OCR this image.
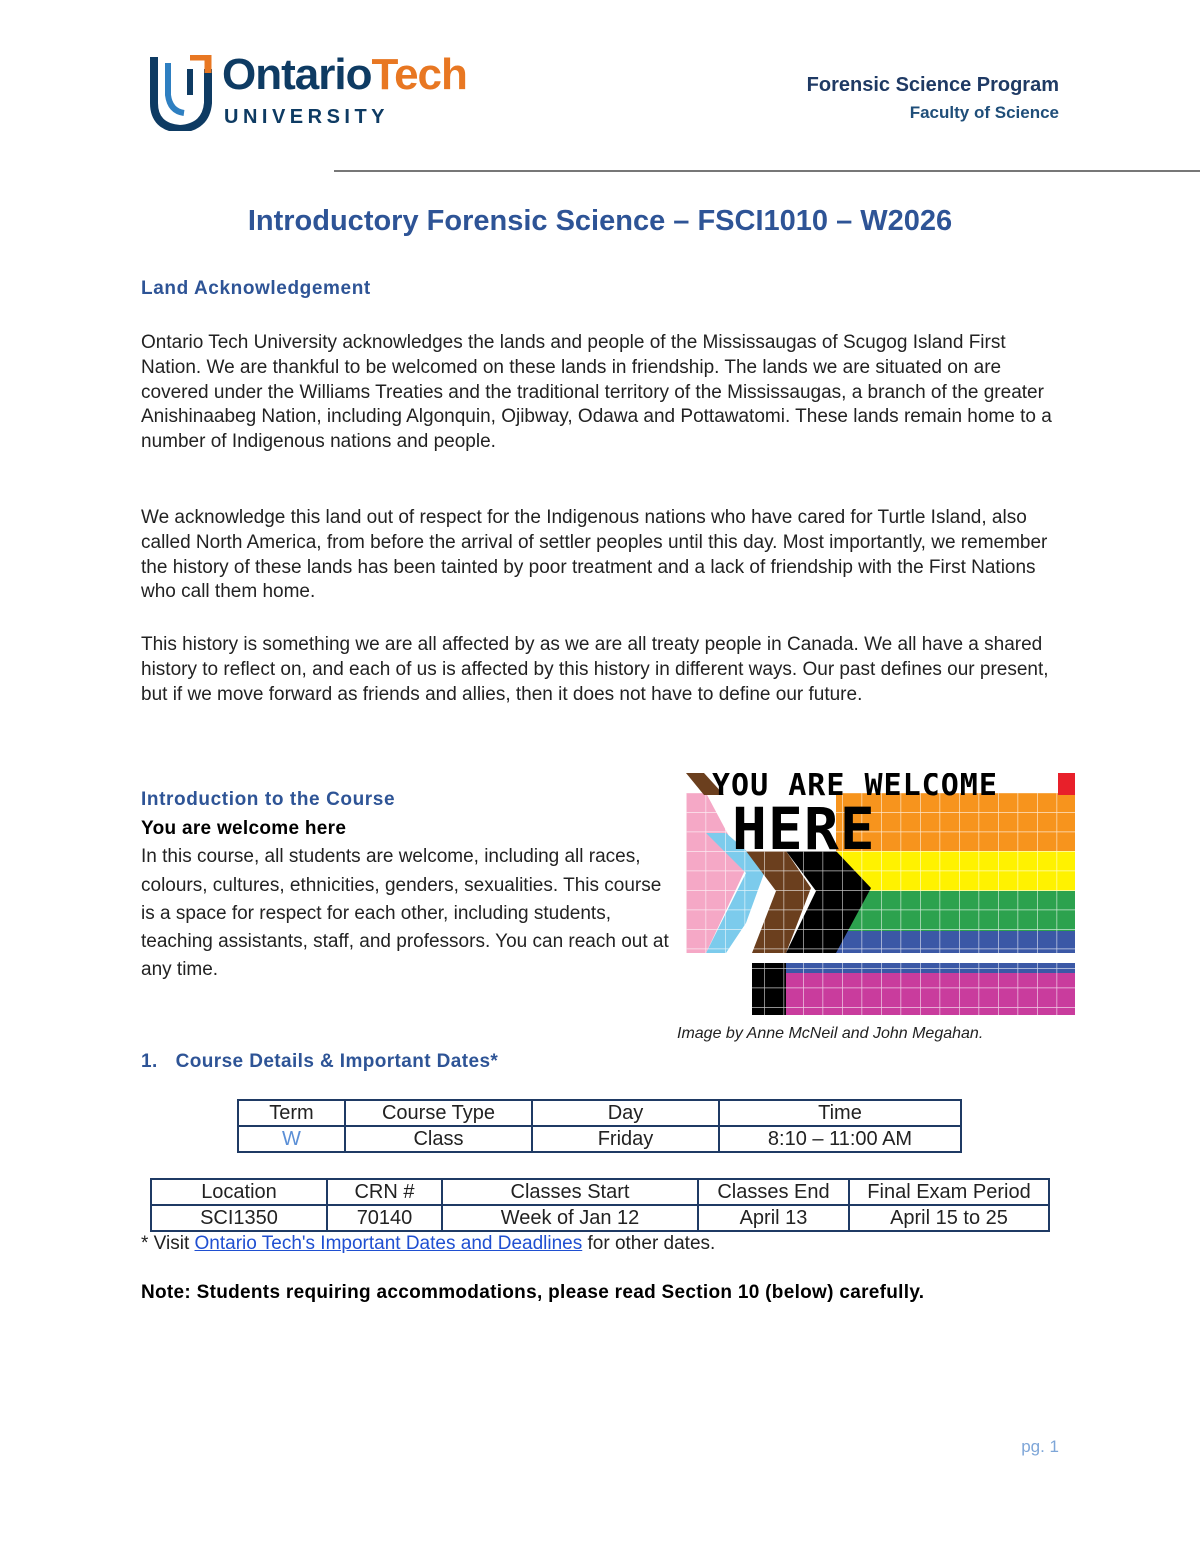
OntarioTech
UNIVERSITY
Forensic Science Program
Faculty of Science
Introductory Forensic Science – FSCI1010 – W2026
Land Acknowledgement
Ontario Tech University acknowledges the lands and people of the Mississaugas of Scugog Island First Nation. We are thankful to be welcomed on these lands in friendship. The lands we are situated on are covered under the Williams Treaties and the traditional territory of the Mississaugas, a branch of the greater Anishinaabeg Nation, including Algonquin, Ojibway, Odawa and Pottawatomi. These lands remain home to a number of Indigenous nations and people.
We acknowledge this land out of respect for the Indigenous nations who have cared for Turtle Island, also called North America, from before the arrival of settler peoples until this day. Most importantly, we remember the history of these lands has been tainted by poor treatment and a lack of friendship with the First Nations who call them home.
This history is something we are all affected by as we are all treaty people in Canada. We all have a shared history to reflect on, and each of us is affected by this history in different ways. Our past defines our present, but if we move forward as friends and allies, then it does not have to define our future.
Introduction to the Course
You are welcome here
In this course, all students are welcome, including all races, colours, cultures, ethnicities, genders, sexualities. This course is a space for respect for each other, including students, teaching assistants, staff, and professors. You can reach out at any time.
YOU ARE WELCOME
HERE
Image by Anne McNeil and John Megahan.
1. Course Details & Important Dates*
Term	Course Type	Day	Time
W	Class	Friday	8:10 – 11:00 AM
Location	CRN #	Classes Start	Classes End	Final Exam Period
SCI1350	70140	Week of Jan 12	April 13	April 15 to 25
* Visit Ontario Tech's Important Dates and Deadlines for other dates.
Note: Students requiring accommodations, please read Section 10 (below) carefully.
pg. 1
